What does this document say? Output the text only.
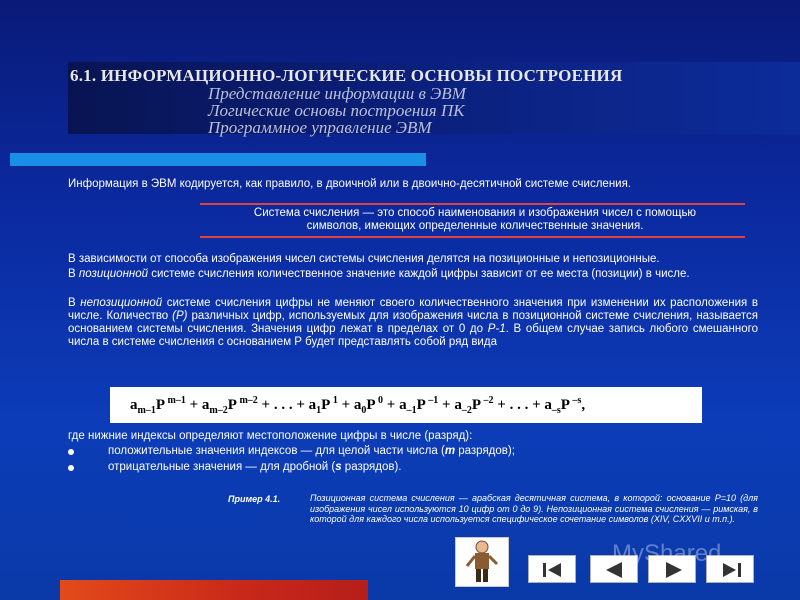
6.1. ИНФОРМАЦИОННО-ЛОГИЧЕСКИЕ ОСНОВЫ ПОСТРОЕНИЯ
Представление информации в ЭВМ
Логические основы построения ПК
Программное управление ЭВМ
Информация в ЭВМ кодируется, как правило, в двоичной или в двоично-десятичной системе счисления.
Система счисления — это способ наименования и изображения чисел с помощью
символов, имеющих определенные количественные значения.
В зависимости от способа изображения чисел системы счисления делятся на позиционные и непозиционные.
В позиционной системе счисления количественное значение каждой цифры зависит от ее места (позиции) в числе.
В непозиционной системе счисления цифры не меняют своего количественного значения при изменении их расположения в числе. Количество (Р) различных цифр, используемых для изображения числа в позиционной системе счисления, называется основанием системы счисления. Значения цифр лежат в пределах от 0 до Р-1. В общем случае запись любого смешанного числа в системе счисления с основанием Р будет представлять собой ряд вида
$a_{m-1}P$ $^{m-1} + a_{m-2}P$ $^{m-2}$ + . . . + $a_1P$ $^1 + a_0P$ $^0 + a_{-1}P$ $^{-1} + a_{-2}P$ $^{-2}$ + . . . + $a_{-s}P$ $^{-s}$,
где нижние индексы определяют местоположение цифры в числе (разряд):
положительные значения индексов — для целой части числа (m разрядов);
отрицательные значения — для дробной (s разрядов).
Пример 4.1.	Позиционная система счисления — арабская десятичная система, в которой: основание Р=10 (для изображения чисел используются 10 цифр от 0 до 9). Непозиционная система счисления — римская, в которой для каждого числа используется специфическое сочетание символов (XIV, CXXVII и т.п.).
MyShared
